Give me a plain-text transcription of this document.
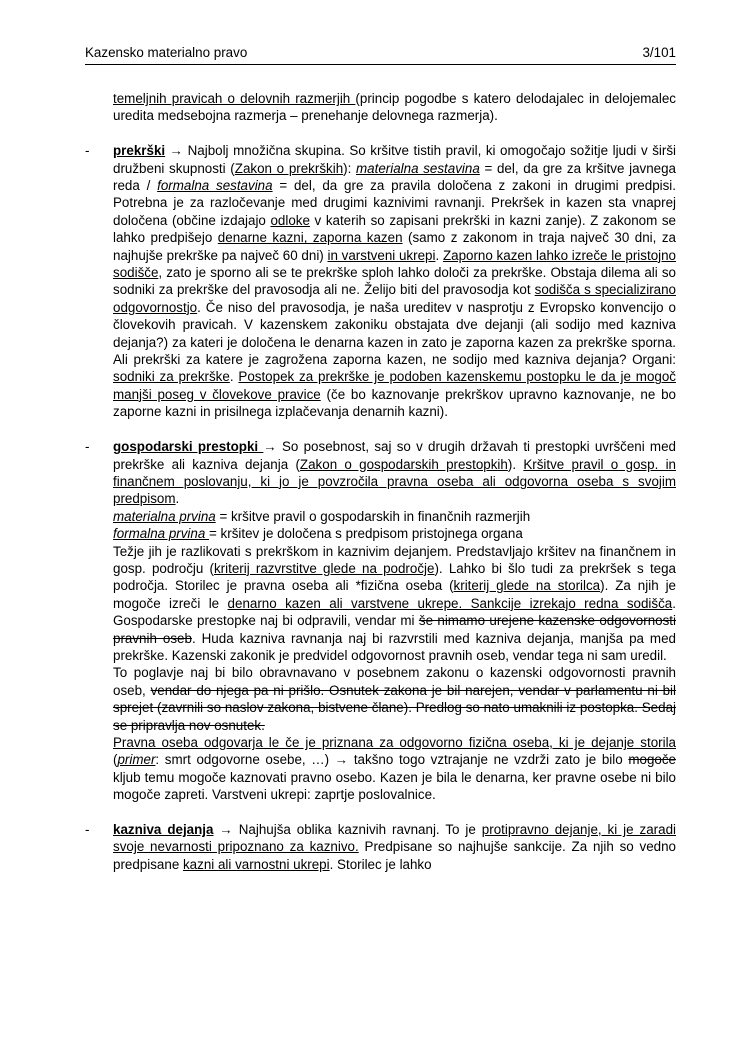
Kazensko materialno pravo	3/101
temeljnih pravicah o delovnih razmerjih (princip pogodbe s katero delodajalec in delojemalec uredita medsebojna razmerja – prenehanje delovnega razmerja).
-	prekrški → Najbolj množična skupina. So kršitve tistih pravil, ki omogočajo sožitje ljudi v širši družbeni skupnosti (Zakon o prekrških): materialna sestavina = del, da gre za kršitve javnega reda / formalna sestavina = del, da gre za pravila določena z zakoni in drugimi predpisi. Potrebna je za razločevanje med drugimi kaznivimi ravnanji. Prekršek in kazen sta vnaprej določena (občine izdajajo odloke v katerih so zapisani prekrški in kazni zanje). Z zakonom se lahko predpišejo denarne kazni, zaporna kazen (samo z zakonom in traja največ 30 dni, za najhujše prekrške pa največ 60 dni) in varstveni ukrepi. Zaporno kazen lahko izreče le pristojno sodišče, zato je sporno ali se te prekrške sploh lahko določi za prekrške. Obstaja dilema ali so sodniki za prekrške del pravosodja ali ne. Želijo biti del pravosodja kot sodišča s specializirano odgovornostjo. Če niso del pravosodja, je naša ureditev v nasprotju z Evropsko konvencijo o človekovih pravicah. V kazenskem zakoniku obstajata dve dejanji (ali sodijo med kazniva dejanja?) za kateri je določena le denarna kazen in zato je zaporna kazen za prekrške sporna. Ali prekrški za katere je zagrožena zaporna kazen, ne sodijo med kazniva dejanja? Organi: sodniki za prekrške. Postopek za prekrške je podoben kazenskemu postopku le da je mogoč manjši poseg v človekove pravice (če bo kaznovanje prekrškov upravno kaznovanje, ne bo zaporne kazni in prisilnega izplačevanja denarnih kazni).
-	gospodarski prestopki → So posebnost, saj so v drugih državah ti prestopki uvrščeni med prekrške ali kazniva dejanja (Zakon o gospodarskih prestopkih). Kršitve pravil o gosp. in finančnem poslovanju, ki jo je povzročila pravna oseba ali odgovorna oseba s svojim predpisom.
materialna prvina = kršitve pravil o gospodarskih in finančnih razmerjih
formalna prvina = kršitev je določena s predpisom pristojnega organa
Težje jih je razlikovati s prekrškom in kaznivim dejanjem. Predstavljajo kršitev na finančnem in gosp. področju (kriterij razvrstitve glede na področje). Lahko bi šlo tudi za prekršek s tega področja. Storilec je pravna oseba ali *fizična oseba (kriterij glede na storilca). Za njih je mogoče izreči le denarno kazen ali varstvene ukrepe. Sankcije izrekajo redna sodišča. Gospodarske prestopke naj bi odpravili, vendar mi še nimamo urejene kazenske odgovornosti pravnih oseb. Huda kazniva ravnanja naj bi razvrstili med kazniva dejanja, manjša pa med prekrške. Kazenski zakonik je predvidel odgovornost pravnih oseb, vendar tega ni sam uredil.
To poglavje naj bi bilo obravnavano v posebnem zakonu o kazenski odgovornosti pravnih oseb, vendar do njega pa ni prišlo. Osnutek zakona je bil narejen, vendar v parlamentu ni bil sprejet (zavrnili so naslov zakona, bistvene člane). Predlog so nato umaknili iz postopka. Sedaj se pripravlja nov osnutek.
Pravna oseba odgovarja le če je priznana za odgovorno fizična oseba, ki je dejanje storila (primer: smrt odgovorne osebe, …) → takšno togo vztrajanje ne vzdrži zato je bilo mogoče kljub temu mogoče kaznovati pravno osebo. Kazen je bila le denarna, ker pravne osebe ni bilo mogoče zapreti. Varstveni ukrepi: zaprtje poslovalnice.
-	kazniva dejanja → Najhujša oblika kaznivih ravnanj. To je protipravno dejanje, ki je zaradi svoje nevarnosti pripoznano za kaznivo. Predpisane so najhujše sankcije. Za njih so vedno predpisane kazni ali varnostni ukrepi. Storilec je lahko
